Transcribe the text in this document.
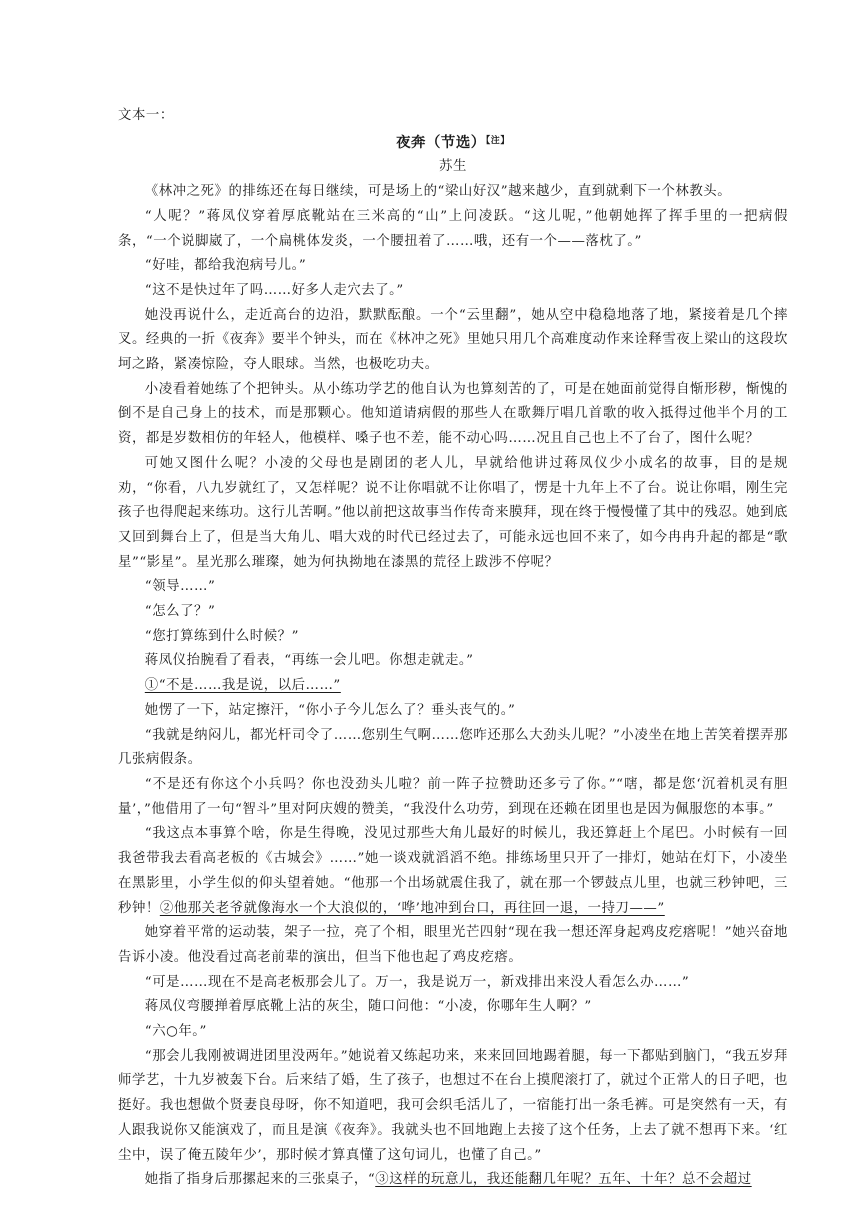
文本一：

夜奔（节选）$^{【注】}$

苏生

《林冲之死》的排练还在每日继续，可是场上的“梁山好汉”越来越少，直到就剩下一个林教头。

“人呢？”蒋凤仪穿着厚底靴站在三米高的“山”上问凌跃。“这儿呢，”他朝她挥了挥手里的一把病假条，“一个说脚崴了，一个扁桃体发炎，一个腰扭着了……哦，还有一个——落枕了。”

“好哇，都给我泡病号儿。”

“这不是快过年了吗……好多人走穴去了。”

她没再说什么，走近高台的边沿，默默酝酿。一个“云里翻”，她从空中稳稳地落了地，紧接着是几个摔叉。经典的一折《夜奔》要半个钟头，而在《林冲之死》里她只用几个高难度动作来诠释雪夜上梁山的这段坎坷之路，紧凑惊险，夺人眼球。当然，也极吃功夫。

小凌看着她练了个把钟头。从小练功学艺的他自认为也算刻苦的了，可是在她面前觉得自惭形秽，惭愧的倒不是自己身上的技术，而是那颗心。他知道请病假的那些人在歌舞厅唱几首歌的收入抵得过他半个月的工资，都是岁数相仿的年轻人，他模样、嗓子也不差，能不动心吗……况且自己也上不了台了，图什么呢？

可她又图什么呢？小凌的父母也是剧团的老人儿，早就给他讲过蒋凤仪少小成名的故事，目的是规劝，“你看，八九岁就红了，又怎样呢？说不让你唱就不让你唱了，愣是十九年上不了台。说让你唱，刚生完孩子也得爬起来练功。这行儿苦啊。”他以前把这故事当作传奇来膜拜，现在终于慢慢懂了其中的残忍。她到底又回到舞台上了，但是当大角儿、唱大戏的时代已经过去了，可能永远也回不来了，如今冉冉升起的都是“歌星”“影星”。星光那么璀璨，她为何执拗地在漆黑的荒径上跋涉不停呢？

“领导……”

“怎么了？”

“您打算练到什么时候？”

蒋凤仪抬腕看了看表，“再练一会儿吧。你想走就走。”

①“不是……我是说，以后……”

她愣了一下，站定擦汗，“你小子今儿怎么了？垂头丧气的。”

“我就是纳闷儿，都光杆司令了……您别生气啊……您咋还那么大劲头儿呢？”小凌坐在地上苦笑着摆弄那几张病假条。

“不是还有你这个小兵吗？你也没劲头儿啦？前一阵子拉赞助还多亏了你。”“嗐，都是您‘沉着机灵有胆量’，”他借用了一句“智斗”里对阿庆嫂的赞美，“我没什么功劳，到现在还赖在团里也是因为佩服您的本事。”

“我这点本事算个啥，你是生得晚，没见过那些大角儿最好的时候儿，我还算赶上个尾巴。小时候有一回我爸带我去看高老板的《古城会》……”她一谈戏就滔滔不绝。排练场里只开了一排灯，她站在灯下，小凌坐在黑影里，小学生似的仰头望着她。“他那一个出场就震住我了，就在那一个锣鼓点儿里，也就三秒钟吧，三秒钟！②他那关老爷就像海水一个大浪似的，‘哗’地冲到台口，再往回一退，一持刀——”

她穿着平常的运动装，架子一拉，亮了个相，眼里光芒四射“现在我一想还浑身起鸡皮疙瘩呢！”她兴奋地告诉小凌。他没看过高老前辈的演出，但当下他也起了鸡皮疙瘩。

“可是……现在不是高老板那会儿了。万一，我是说万一，新戏排出来没人看怎么办……”

蒋凤仪弯腰掸着厚底靴上沾的灰尘，随口问他：“小凌，你哪年生人啊？”

“六○年。”

“那会儿我刚被调进团里没两年。”她说着又练起功来，来来回回地踢着腿，每一下都贴到脑门，“我五岁拜师学艺，十九岁被轰下台。后来结了婚，生了孩子，也想过不在台上摸爬滚打了，就过个正常人的日子吧，也挺好。我也想做个贤妻良母呀，你不知道吧，我可会织毛活儿了，一宿能打出一条毛裤。可是突然有一天，有人跟我说你又能演戏了，而且是演《夜奔》。我就头也不回地跑上去接了这个任务，上去了就不想再下来。‘红尘中，误了俺五陵年少’，那时候才算真懂了这句词儿，也懂了自己。”

她指了指身后那摞起来的三张桌子，“③这样的玩意儿，我还能翻几年呢？五年、十年？总不会超过
